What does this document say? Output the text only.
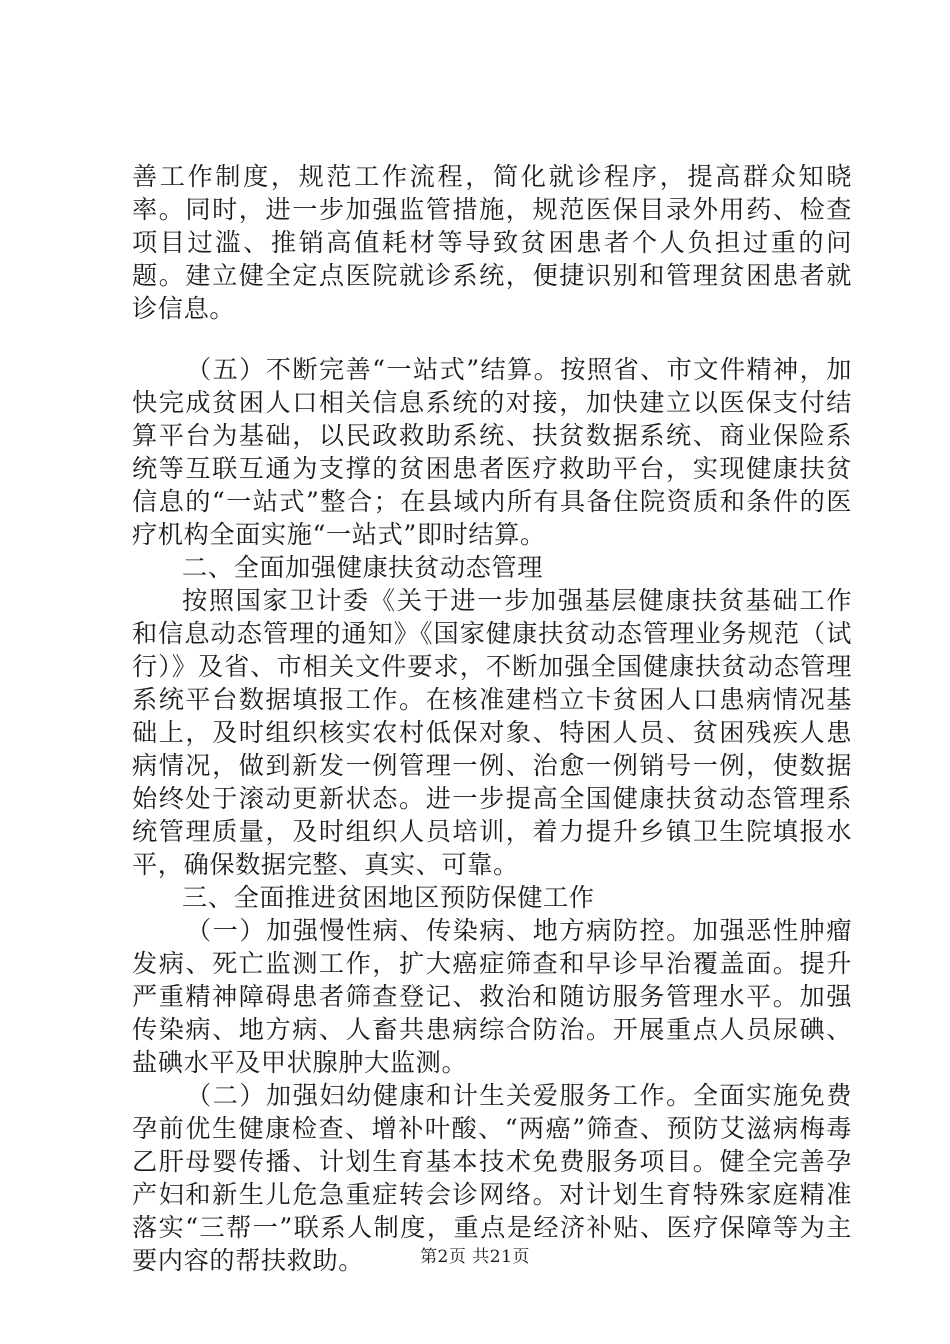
善工作制度，规范工作流程，简化就诊程序，提高群众知晓率。同时，进一步加强监管措施，规范医保目录外用药、检查项目过滥、推销高值耗材等导致贫困患者个人负担过重的问题。建立健全定点医院就诊系统，便捷识别和管理贫困患者就诊信息。

（五）不断完善“一站式”结算。按照省、市文件精神，加快完成贫困人口相关信息系统的对接，加快建立以医保支付结算平台为基础，以民政救助系统、扶贫数据系统、商业保险系统等互联互通为支撑的贫困患者医疗救助平台，实现健康扶贫信息的“一站式”整合；在县域内所有具备住院资质和条件的医疗机构全面实施“一站式”即时结算。

二、全面加强健康扶贫动态管理

按照国家卫计委《关于进一步加强基层健康扶贫基础工作和信息动态管理的通知》《国家健康扶贫动态管理业务规范（试行）》及省、市相关文件要求，不断加强全国健康扶贫动态管理系统平台数据填报工作。在核准建档立卡贫困人口患病情况基础上，及时组织核实农村低保对象、特困人员、贫困残疾人患病情况，做到新发一例管理一例、治愈一例销号一例，使数据始终处于滚动更新状态。进一步提高全国健康扶贫动态管理系统管理质量，及时组织人员培训，着力提升乡镇卫生院填报水平，确保数据完整、真实、可靠。

三、全面推进贫困地区预防保健工作

（一）加强慢性病、传染病、地方病防控。加强恶性肿瘤发病、死亡监测工作，扩大癌症筛查和早诊早治覆盖面。提升严重精神障碍患者筛查登记、救治和随访服务管理水平。加强传染病、地方病、人畜共患病综合防治。开展重点人员尿碘、盐碘水平及甲状腺肿大监测。

（二）加强妇幼健康和计生关爱服务工作。全面实施免费孕前优生健康检查、增补叶酸、“两癌”筛查、预防艾滋病梅毒乙肝母婴传播、计划生育基本技术免费服务项目。健全完善孕产妇和新生儿危急重症转会诊网络。对计划生育特殊家庭精准落实“三帮一”联系人制度，重点是经济补贴、医疗保障等为主要内容的帮扶救助。	第2页 共21页
